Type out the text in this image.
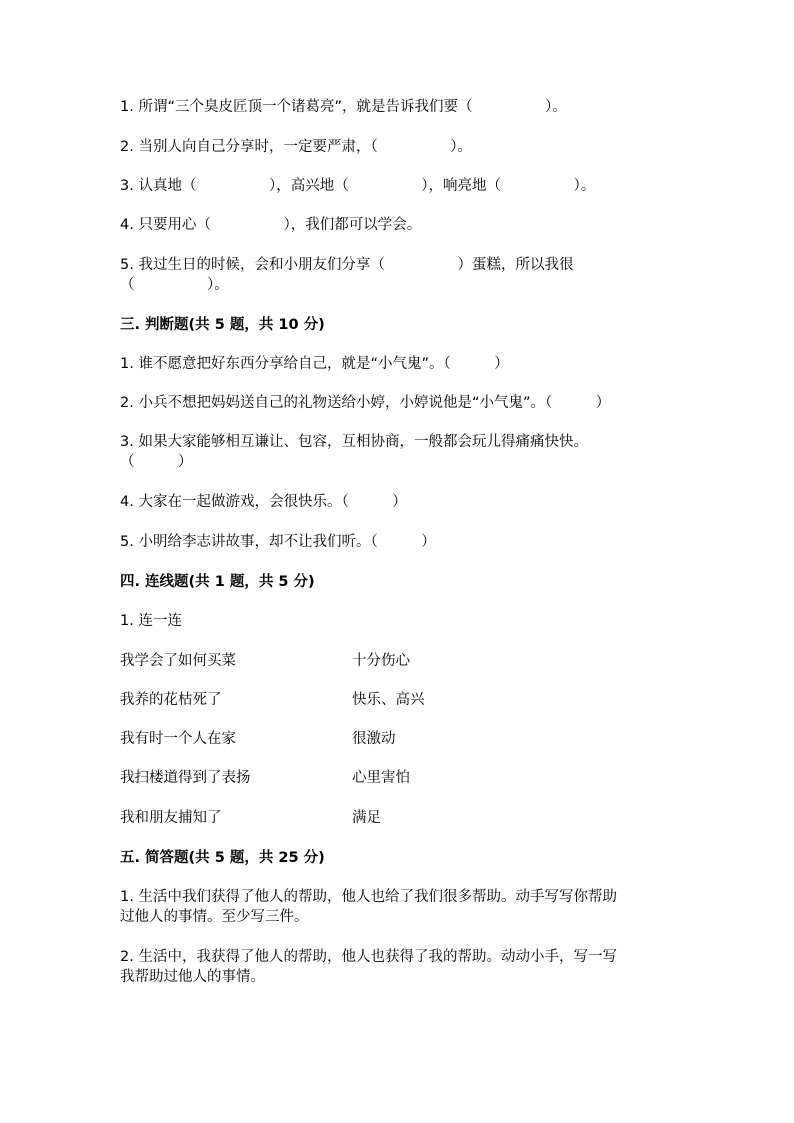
1. 所谓“三个臭皮匠顶一个诸葛亮”，就是告诉我们要（　　　　　）。
2. 当别人向自己分享时，一定要严肃，（　　　　　）。
3. 认真地（　　　　　），高兴地（　　　　　），响亮地（　　　　　）。
4. 只要用心（　　　　　），我们都可以学会。
5. 我过生日的时候，会和小朋友们分享（　　　　　）蛋糕，所以我很
（　　　　　）。
三. 判断题(共 5 题，共 10 分)
1. 谁不愿意把好东西分享给自己，就是“小气鬼”。（　　　）
2. 小兵不想把妈妈送自己的礼物送给小婷，小婷说他是“小气鬼”。（　　　）
3. 如果大家能够相互谦让、包容，互相协商，一般都会玩儿得痛痛快快。
（　　　）
4. 大家在一起做游戏，会很快乐。（　　　）
5. 小明给李志讲故事，却不让我们听。（　　　）
四. 连线题(共 1 题，共 5 分)
1. 连一连
我学会了如何买菜	十分伤心
我养的花枯死了	快乐、高兴
我有时一个人在家	很激动
我扫楼道得到了表扬	心里害怕
我和朋友捕知了	满足
五. 简答题(共 5 题，共 25 分)
1. 生活中我们获得了他人的帮助，他人也给了我们很多帮助。动手写写你帮助
过他人的事情。至少写三件。
2. 生活中，我获得了他人的帮助，他人也获得了我的帮助。动动小手，写一写
我帮助过他人的事情。
